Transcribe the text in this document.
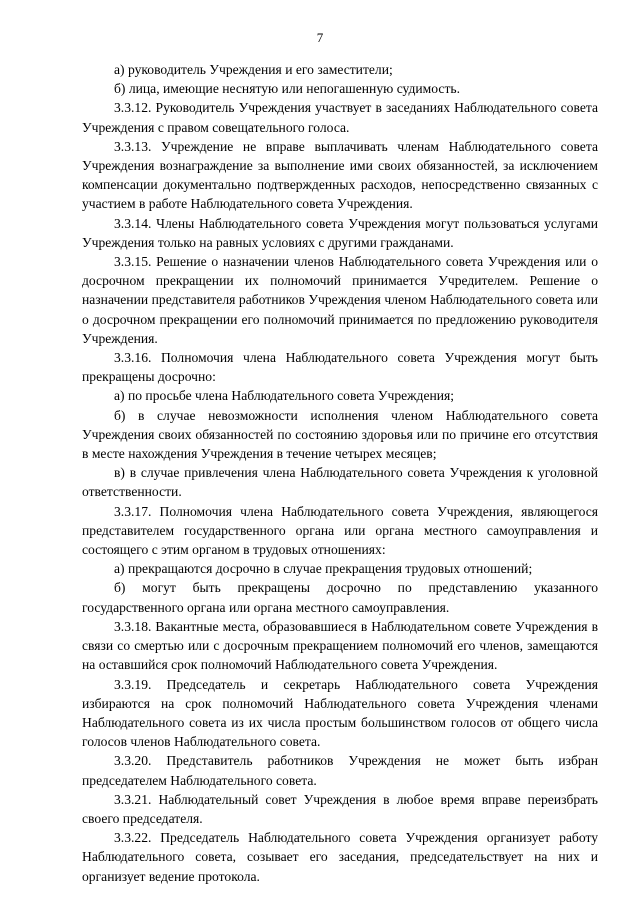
7

а) руководитель Учреждения и его заместители;

б) лица, имеющие неснятую или непогашенную судимость.

3.3.12. Руководитель Учреждения участвует в заседаниях Наблюдательного совета Учреждения с правом совещательного голоса.

3.3.13. Учреждение не вправе выплачивать членам Наблюдательного совета Учреждения вознаграждение за выполнение ими своих обязанностей, за исключением компенсации документально подтвержденных расходов, непосредственно связанных с участием в работе Наблюдательного совета Учреждения.

3.3.14. Члены Наблюдательного совета Учреждения могут пользоваться услугами Учреждения только на равных условиях с другими гражданами.

3.3.15. Решение о назначении членов Наблюдательного совета Учреждения или о досрочном прекращении их полномочий принимается Учредителем. Решение о назначении представителя работников Учреждения членом Наблюдательного совета или о досрочном прекращении его полномочий принимается по предложению руководителя Учреждения.

3.3.16. Полномочия члена Наблюдательного совета Учреждения могут быть прекращены досрочно:

а) по просьбе члена Наблюдательного совета Учреждения;

б) в случае невозможности исполнения членом Наблюдательного совета Учреждения своих обязанностей по состоянию здоровья или по причине его отсутствия в месте нахождения Учреждения в течение четырех месяцев;

в) в случае привлечения члена Наблюдательного совета Учреждения к уголовной ответственности.

3.3.17. Полномочия члена Наблюдательного совета Учреждения, являющегося представителем государственного органа или органа местного самоуправления и состоящего с этим органом в трудовых отношениях:

а) прекращаются досрочно в случае прекращения трудовых отношений;

б) могут быть прекращены досрочно по представлению указанного государственного органа или органа местного самоуправления.

3.3.18. Вакантные места, образовавшиеся в Наблюдательном совете Учреждения в связи со смертью или с досрочным прекращением полномочий его членов, замещаются на оставшийся срок полномочий Наблюдательного совета Учреждения.

3.3.19. Председатель и секретарь Наблюдательного совета Учреждения избираются на срок полномочий Наблюдательного совета Учреждения членами Наблюдательного совета из их числа простым большинством голосов от общего числа голосов членов Наблюдательного совета.

3.3.20. Представитель работников Учреждения не может быть избран председателем Наблюдательного совета.

3.3.21. Наблюдательный совет Учреждения в любое время вправе переизбрать своего председателя.

3.3.22. Председатель Наблюдательного совета Учреждения организует работу Наблюдательного совета, созывает его заседания, председательствует на них и организует ведение протокола.
